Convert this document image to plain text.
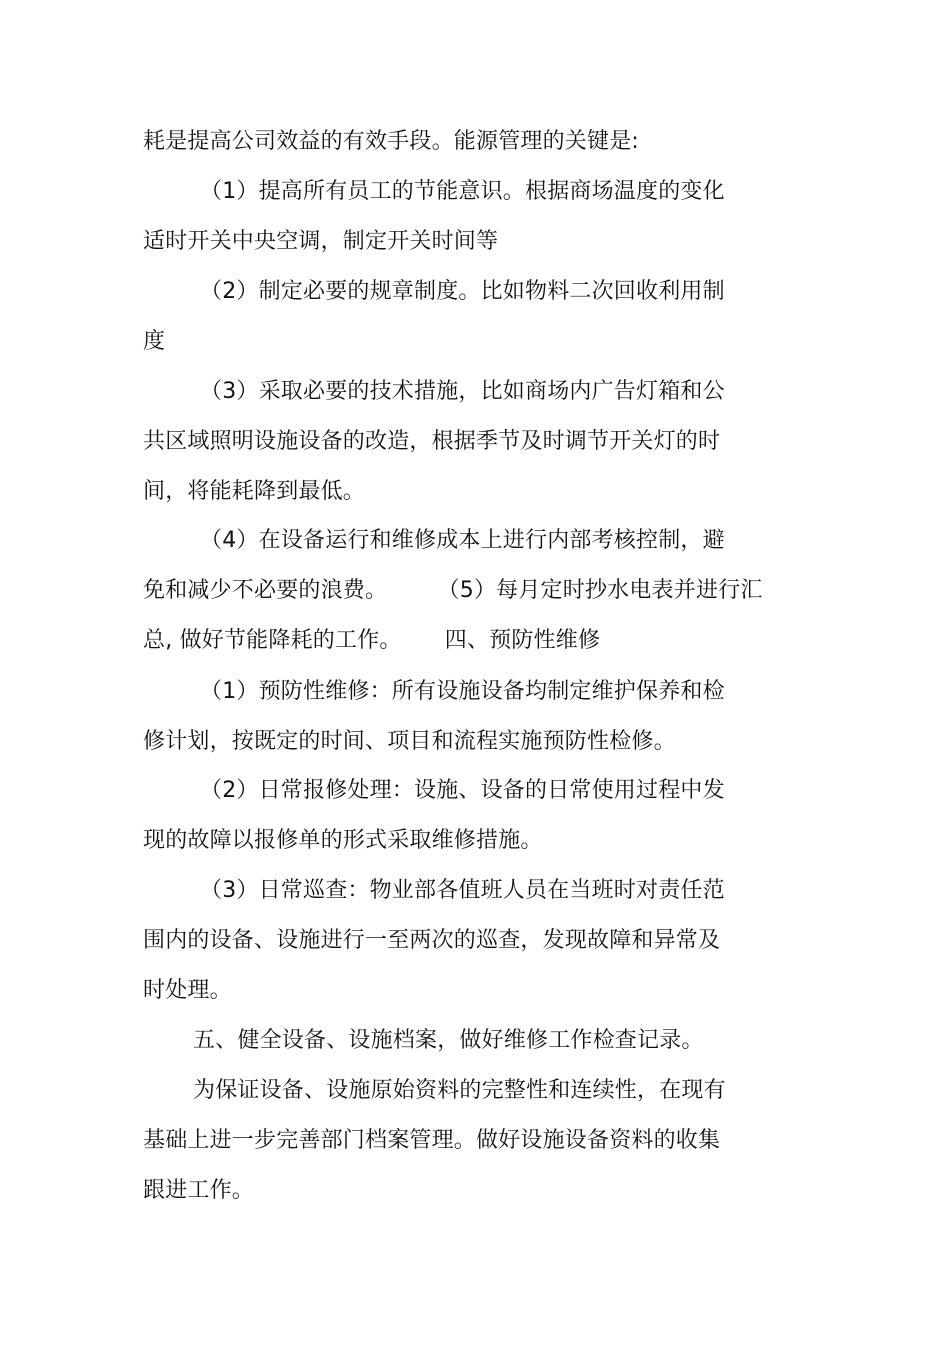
耗是提高公司效益的有效手段。能源管理的关键是:
（1）提高所有员工的节能意识。根据商场温度的变化
适时开关中央空调，制定开关时间等
（2）制定必要的规章制度。比如物料二次回收利用制
度
（3）采取必要的技术措施，比如商场内广告灯箱和公
共区域照明设施设备的改造，根据季节及时调节开关灯的时
间，将能耗降到最低。
（4）在设备运行和维修成本上进行内部考核控制，避
免和减少不必要的浪费。       （5）每月定时抄水电表并进行汇
总, 做好节能降耗的工作。      四、预防性维修
（1）预防性维修：所有设施设备均制定维护保养和检
修计划，按既定的时间、项目和流程实施预防性检修。
（2）日常报修处理：设施、设备的日常使用过程中发
现的故障以报修单的形式采取维修措施。
（3）日常巡查：物业部各值班人员在当班时对责任范
围内的设备、设施进行一至两次的巡查，发现故障和异常及
时处理。
五、健全设备、设施档案，做好维修工作检查记录。
为保证设备、设施原始资料的完整性和连续性，在现有
基础上进一步完善部门档案管理。做好设施设备资料的收集
跟进工作。
